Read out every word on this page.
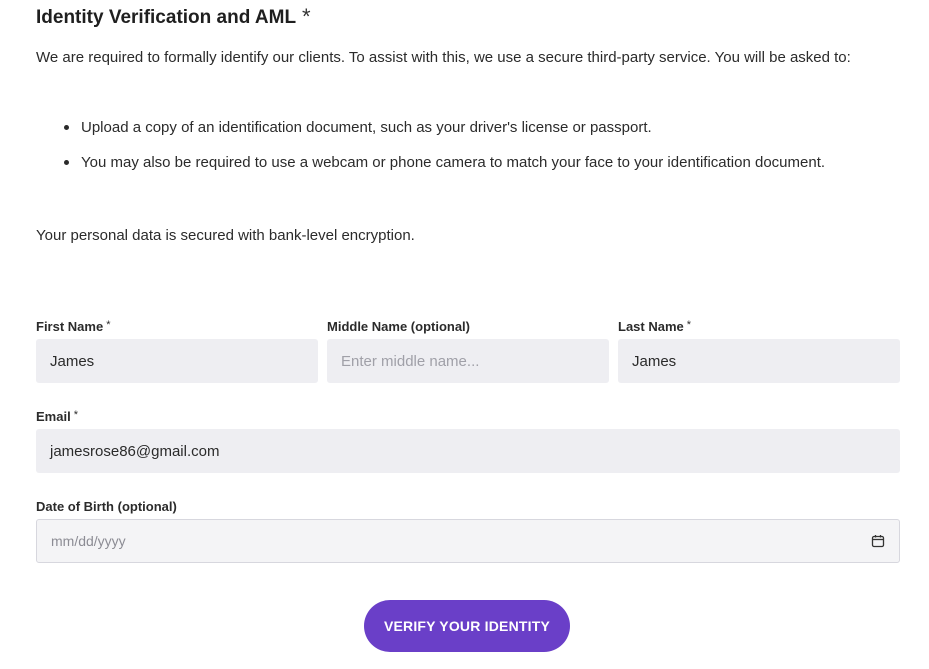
Identity Verification and AML *

We are required to formally identify our clients. To assist with this, we use a secure third-party service. You will be asked to:

Upload a copy of an identification document, such as your driver's license or passport.
You may also be required to use a webcam or phone camera to match your face to your identification document.

Your personal data is secured with bank-level encryption.

First Name *
James
Middle Name (optional)
Enter middle name...
Last Name *
James
Email *
jamesrose86@gmail.com
Date of Birth (optional)
mm/dd/yyyy
VERIFY YOUR IDENTITY
